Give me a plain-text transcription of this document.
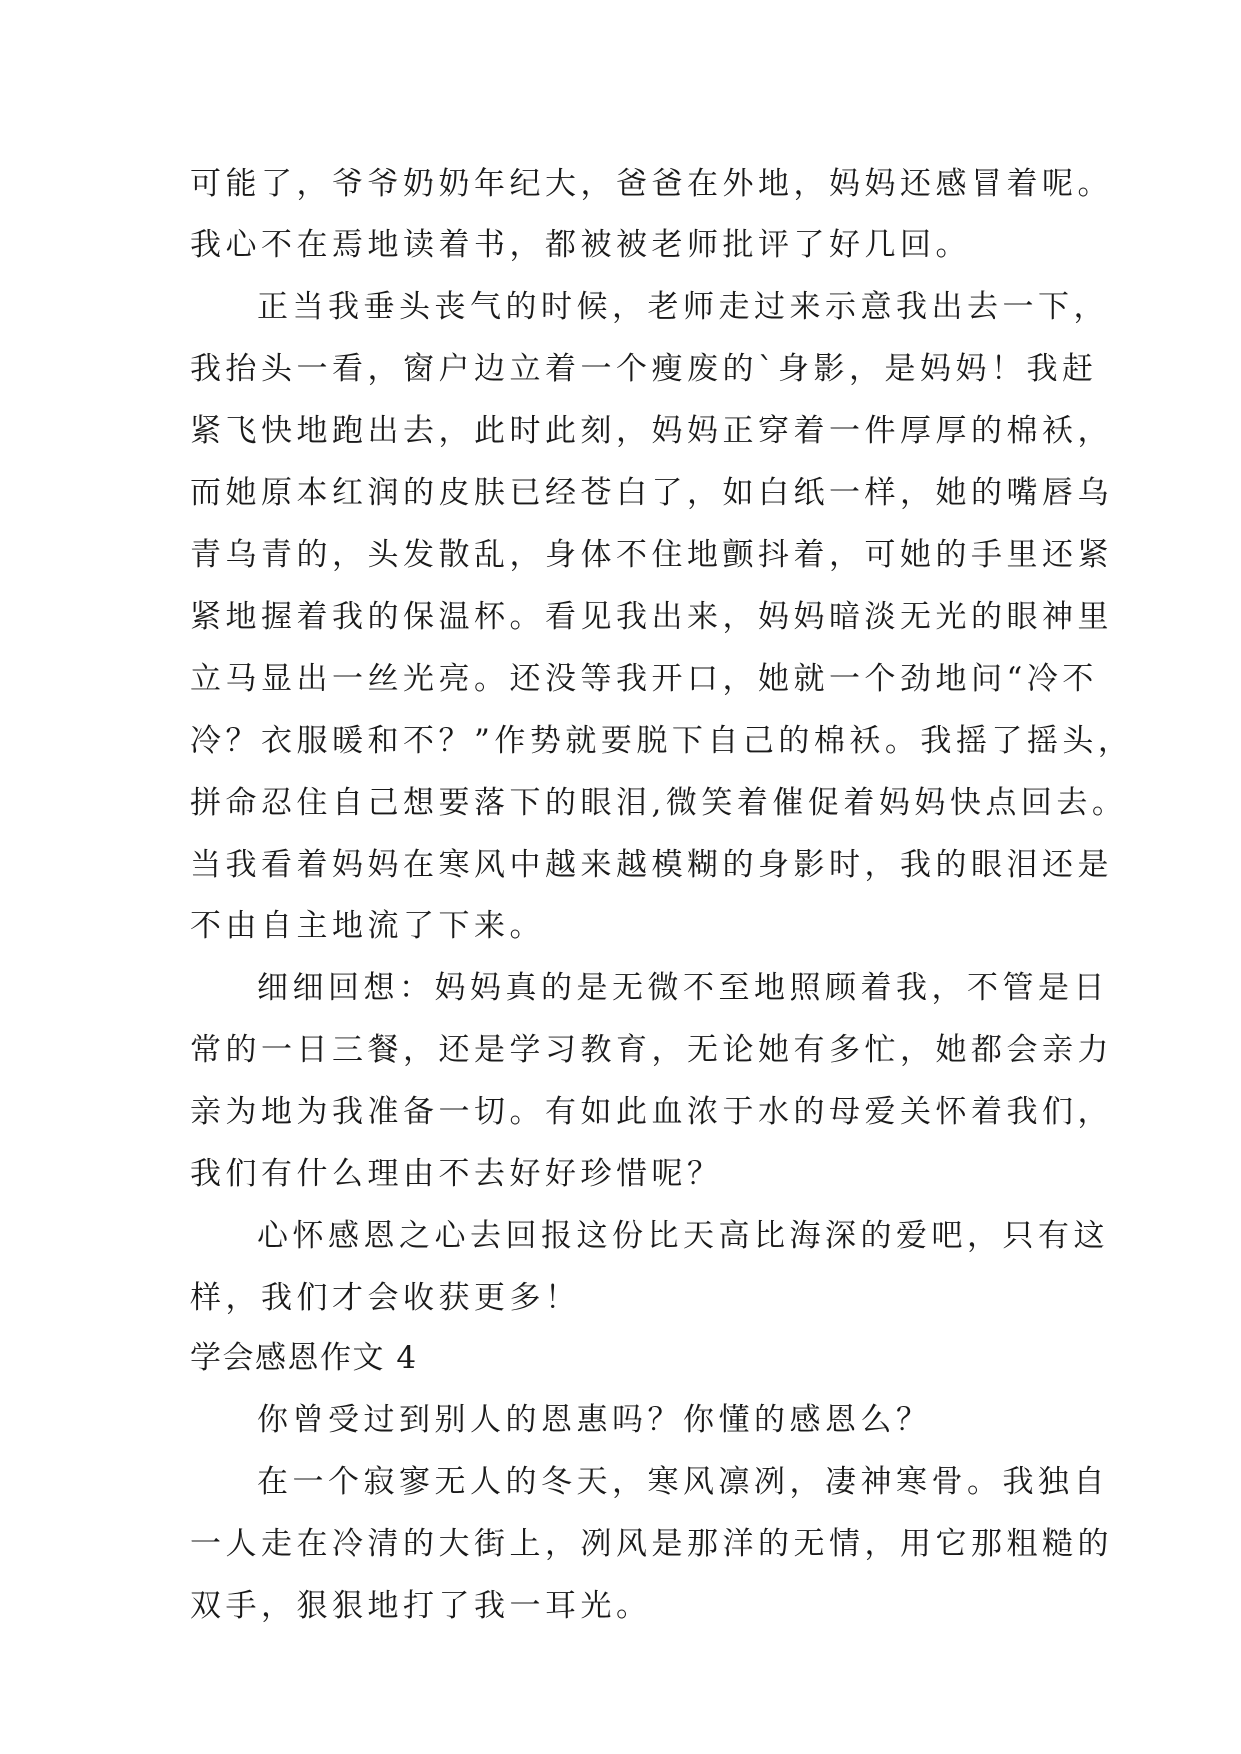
可能了，爷爷奶奶年纪大，爸爸在外地，妈妈还感冒着呢。
我心不在焉地读着书，都被被老师批评了好几回。
正当我垂头丧气的时候，老师走过来示意我出去一下，
我抬头一看，窗户边立着一个瘦废的`身影，是妈妈！我赶
紧飞快地跑出去，此时此刻，妈妈正穿着一件厚厚的棉袄，
而她原本红润的皮肤已经苍白了，如白纸一样，她的嘴唇乌
青乌青的，头发散乱，身体不住地颤抖着，可她的手里还紧
紧地握着我的保温杯。看见我出来，妈妈暗淡无光的眼神里
立马显出一丝光亮。还没等我开口，她就一个劲地问“冷不
冷？衣服暖和不？”作势就要脱下自己的棉袄。我摇了摇头，
拼命忍住自己想要落下的眼泪,微笑着催促着妈妈快点回去。
当我看着妈妈在寒风中越来越模糊的身影时，我的眼泪还是
不由自主地流了下来。
细细回想：妈妈真的是无微不至地照顾着我，不管是日
常的一日三餐，还是学习教育，无论她有多忙，她都会亲力
亲为地为我准备一切。有如此血浓于水的母爱关怀着我们，
我们有什么理由不去好好珍惜呢？
心怀感恩之心去回报这份比天高比海深的爱吧，只有这
样，我们才会收获更多！
学会感恩作文 4
你曾受过到别人的恩惠吗？你懂的感恩么？
在一个寂寥无人的冬天，寒风凛冽，凄神寒骨。我独自
一人走在冷清的大街上，冽风是那洋的无情，用它那粗糙的
双手，狠狠地打了我一耳光。
